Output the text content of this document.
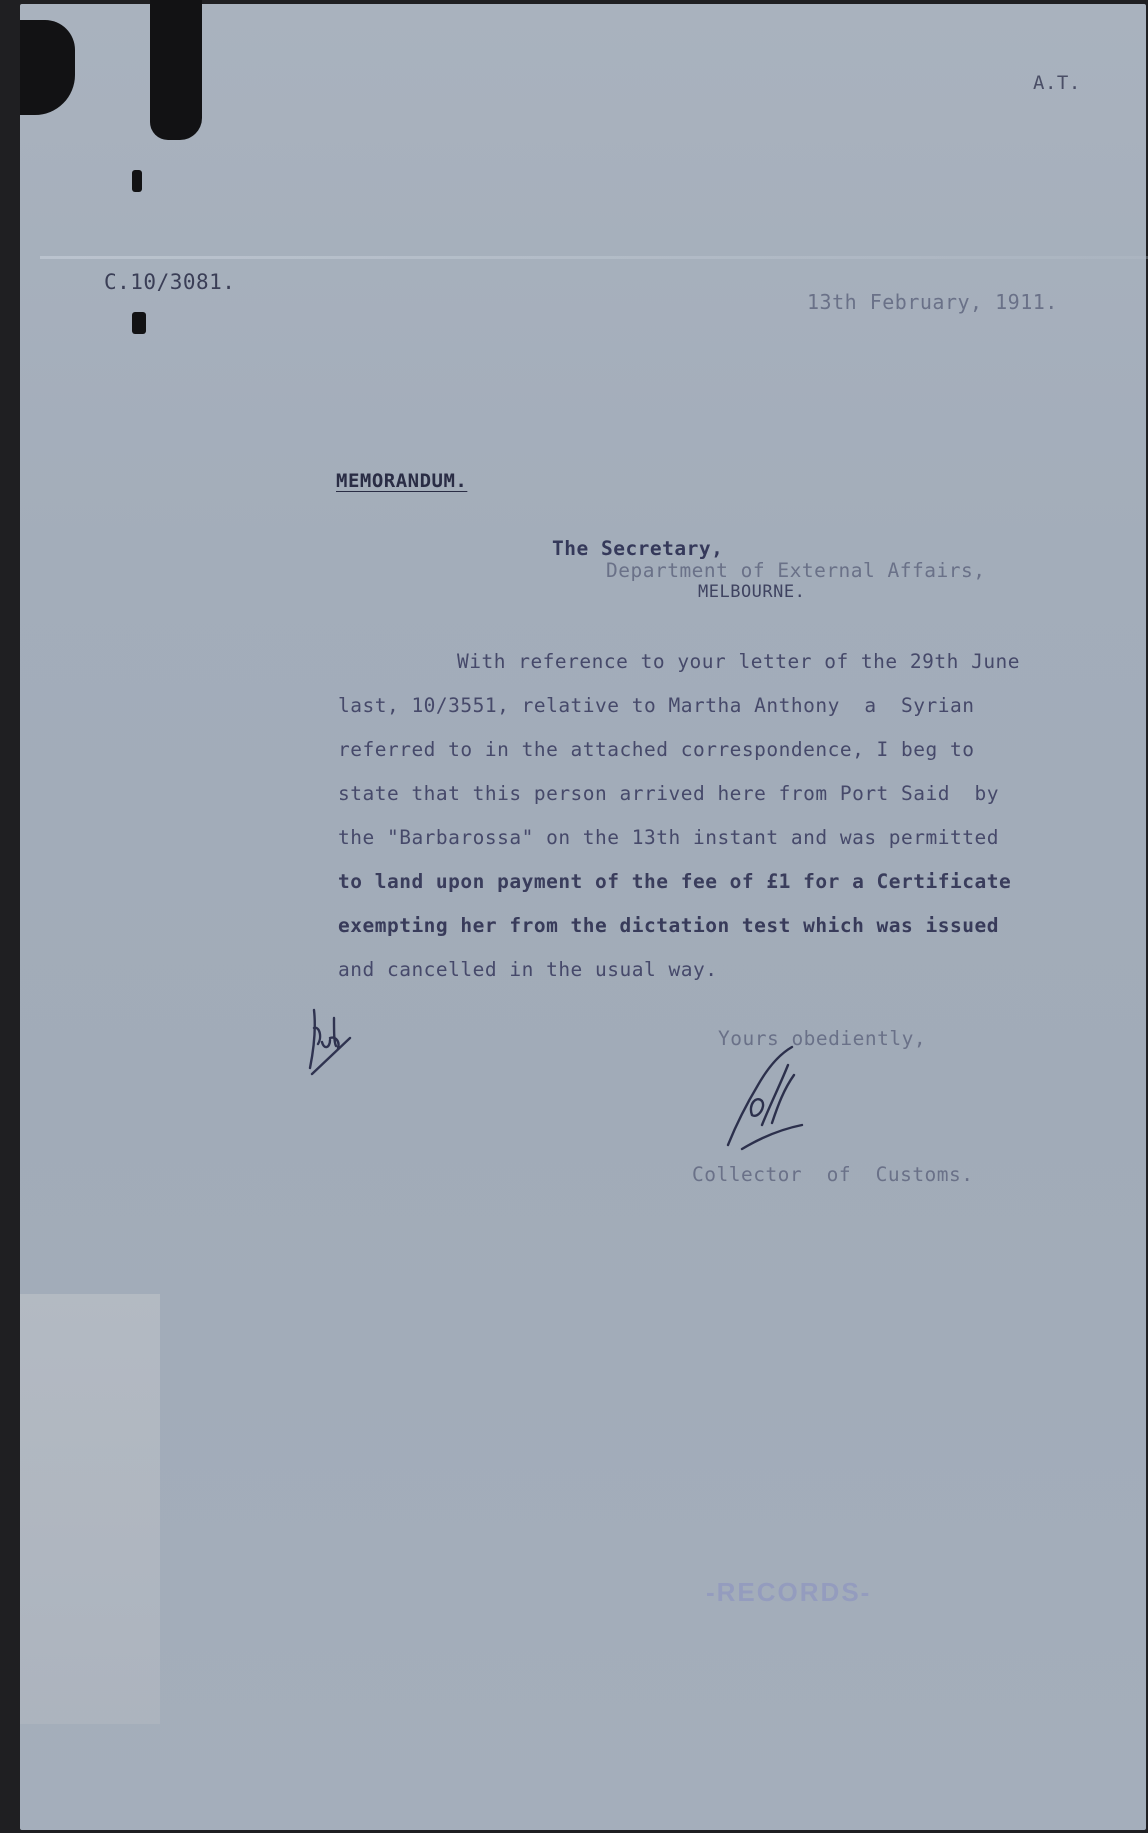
A.T.
C.10/3081.
13th February, 1911.
MEMORANDUM.
The Secretary,
Department of External Affairs,
MELBOURNE.
With reference to your letter of the 29th June
last, 10/3551, relative to Martha Anthony  a  Syrian
referred to in the attached correspondence, I beg to
state that this person arrived here from Port Said  by
the "Barbarossa" on the 13th instant and was permitted
to land upon payment of the fee of £1 for a Certificate
exempting her from the dictation test which was issued
and cancelled in the usual way.
Yours obediently,
Collector  of  Customs.
-RECORDS-
